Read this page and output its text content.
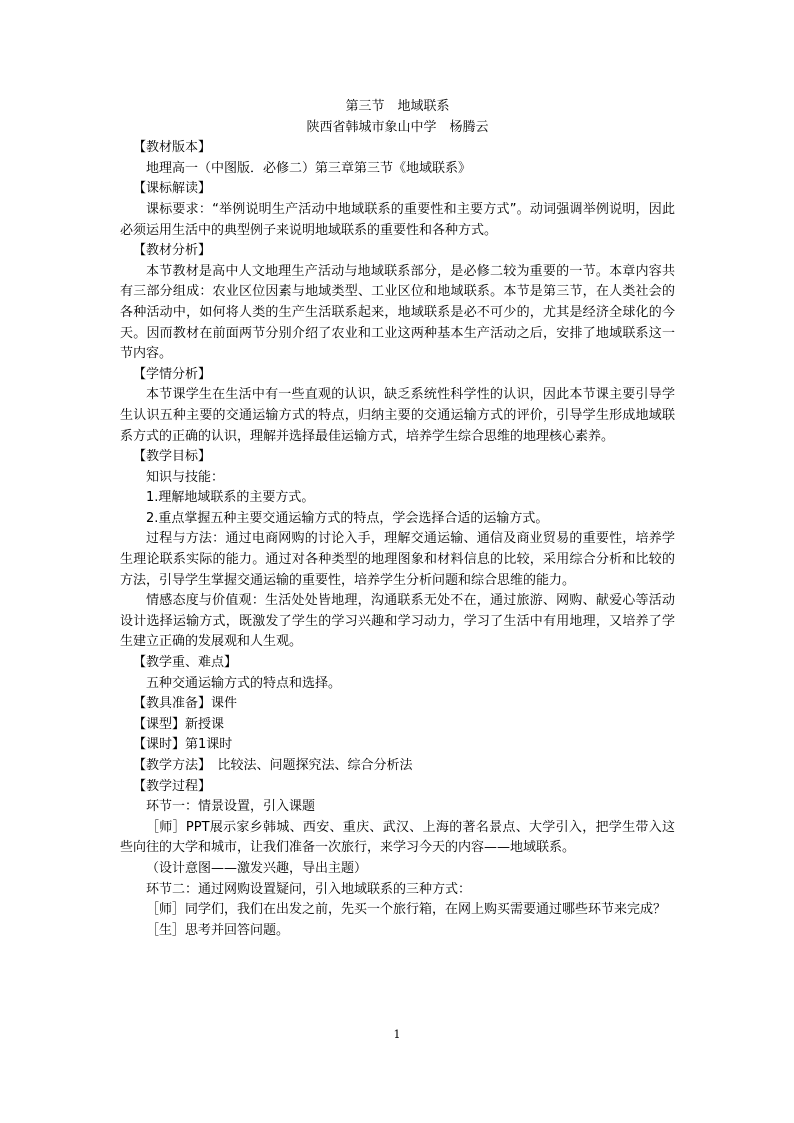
第三节　地域联系

陕西省韩城市象山中学　杨腾云

【教材版本】

地理高一（中图版．必修二）第三章第三节《地域联系》

【课标解读】

课标要求：“举例说明生产活动中地域联系的重要性和主要方式”。动词强调举例说明，因此必须运用生活中的典型例子来说明地域联系的重要性和各种方式。

【教材分析】

本节教材是高中人文地理生产活动与地域联系部分，是必修二较为重要的一节。本章内容共有三部分组成：农业区位因素与地域类型、工业区位和地域联系。本节是第三节，在人类社会的各种活动中，如何将人类的生产生活联系起来，地域联系是必不可少的，尤其是经济全球化的今天。因而教材在前面两节分别介绍了农业和工业这两种基本生产活动之后，安排了地域联系这一节内容。

【学情分析】

本节课学生在生活中有一些直观的认识，缺乏系统性科学性的认识，因此本节课主要引导学生认识五种主要的交通运输方式的特点，归纳主要的交通运输方式的评价，引导学生形成地域联系方式的正确的认识，理解并选择最佳运输方式，培养学生综合思维的地理核心素养。

【教学目标】

知识与技能：

1.理解地域联系的主要方式。

2.重点掌握五种主要交通运输方式的特点，学会选择合适的运输方式。

过程与方法：通过电商网购的讨论入手，理解交通运输、通信及商业贸易的重要性，培养学生理论联系实际的能力。通过对各种类型的地理图象和材料信息的比较，采用综合分析和比较的方法，引导学生掌握交通运输的重要性，培养学生分析问题和综合思维的能力。

情感态度与价值观：生活处处皆地理，沟通联系无处不在，通过旅游、网购、献爱心等活动设计选择运输方式，既激发了学生的学习兴趣和学习动力，学习了生活中有用地理，又培养了学生建立正确的发展观和人生观。

【教学重、难点】

五种交通运输方式的特点和选择。

【教具准备】课件

【课型】新授课

【课时】第1课时

【教学方法】　比较法、问题探究法、综合分析法

【教学过程】

环节一：情景设置，引入课题

［师］PPT展示家乡韩城、西安、重庆、武汉、上海的著名景点、大学引入，把学生带入这些向往的大学和城市，让我们准备一次旅行，来学习今天的内容——地域联系。

（设计意图——激发兴趣，导出主题）

环节二：通过网购设置疑问，引入地域联系的三种方式：

［师］同学们，我们在出发之前，先买一个旅行箱，在网上购买需要通过哪些环节来完成？

［生］思考并回答问题。

1
